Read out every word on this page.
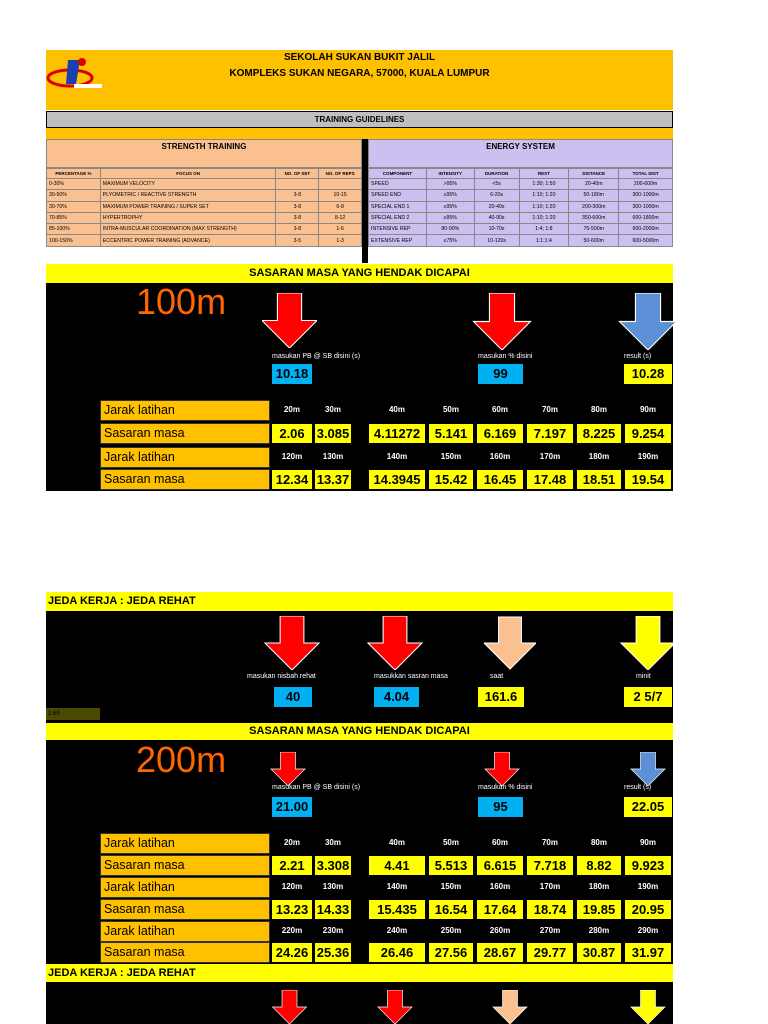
SEKOLAH SUKAN BUKIT JALIL
KOMPLEKS SUKAN NEGARA, 57000, KUALA LUMPUR
TRAINING GUIDELINES
STRENGTH TRAINING
PERCENTAGE %	FOCUS ON	NO. OF SET	NO. OF REPS
0-30%	MAXIMUM VELOCITY		
30-50%	PLYOMETRIC / REACTIVE STRENGTH	3-8	10-15
30-70%	MAXIMUM POWER TRAINING / SUPER SET	3-8	6-8
70-85%	HYPERTROPHY	3-8	8-12
85-100%	INTRA-MUSCULAR COORDINATION (MAX STRENGTH)	3-8	1-6
100-150%	ECCENTRIC POWER TRAINING (ADVANCE)	3-5	1-3
ENERGY SYSTEM
COMPONENT	INTENSITY	DURATION	REST	DISTANCE	TOTAL DIST
SPEED	>95%	<5s	1:30; 1:50	20-40m	200-600m
SPEED END	≥95%	6-20s	1:10; 1:20	50-180m	300-1000m
SPECIAL END 1	≥95%	20-40s	1:10; 1:20	200-300m	300-1000m
SPECIAL END 2	≥95%	40-90s	1:10; 1:20	350-600m	600-1800m
INTENSIVE REP	80-90%	10-70s	1:4; 1:8	75-500m	600-2000m
EXTENSIVE REP	≤75%	10-120s	1:1;1:4	50-600m	600-5000m
SASARAN MASA YANG HENDAK DICAPAI
100m
masukan PB @ SB disini (s)	masukan % disini	result (s)
10.18	99	10.28
Jarak latihan	20m	30m	40m	50m	60m	70m	80m	90m
Sasaran masa	2.06 3.085	4.11272	5.141	6.169	7.197	8.225	9.254
Jarak latihan	120m	130m	140m	150m	160m	170m	180m	190m
Sasaran masa	12.34 13.37	14.3945	15.42	16.45	17.48	18.51	19.54
JEDA KERJA : JEDA REHAT
masukan nisbah rehat	masukkan sasran masa	saat	minit
40	4.04	161.6	2 5/7
2.69
SASARAN MASA YANG HENDAK DICAPAI
200m
masukan PB @ SB disini (s)	masukan % disini	result (s)
21.00	95	22.05
Jarak latihan	20m	30m	40m	50m	60m	70m	80m	90m
Sasaran masa	2.21 3.308	4.41	5.513	6.615	7.718	8.82	9.923
Jarak latihan	120m	130m	140m	150m	160m	170m	180m	190m
Sasaran masa	13.23 14.33	15.435	16.54	17.64	18.74	19.85	20.95
Jarak latihan	220m	230m	240m	250m	260m	270m	280m	290m
Sasaran masa	24.26 25.36	26.46	27.56	28.67	29.77	30.87	31.97
JEDA KERJA : JEDA REHAT
